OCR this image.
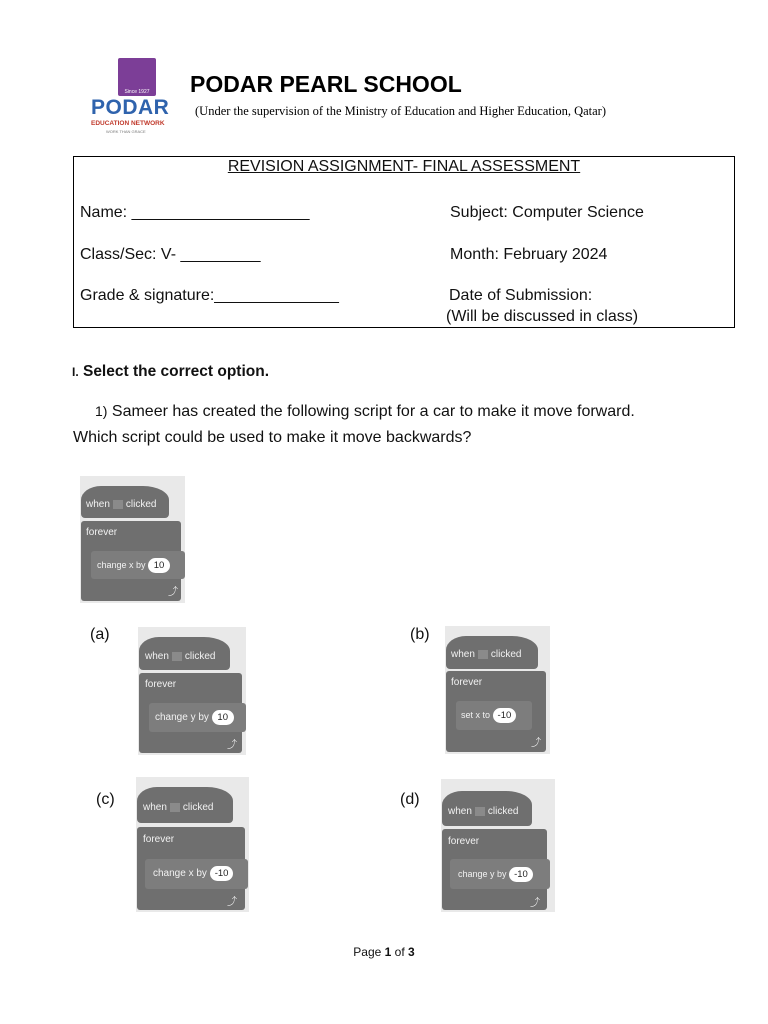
Since 1927
PODAR
EDUCATION NETWORK
WORK THAN GRACE
PODAR PEARL SCHOOL
(Under the supervision of the Ministry of Education and Higher Education, Qatar)
REVISION ASSIGNMENT- FINAL ASSESSMENT
Name: ____________________	Subject: Computer Science
Class/Sec: V- _________	Month: February 2024
Grade & signature:______________	Date of Submission:
(Will be discussed in class)
I. Select the correct option.
1) Sameer has created the following script for a car to make it move forward.
Which script could be used to make it move backwards?
when clicked
forever
change x by 10
⤴
(a)
when clicked
forever
change y by 10
⤴
(b)
when clicked
forever
set x to -10
⤴
(c)	when clicked
forever
change x by -10
⤴
(d)
when clicked
forever
change y by -10
⤴
Page 1 of 3
